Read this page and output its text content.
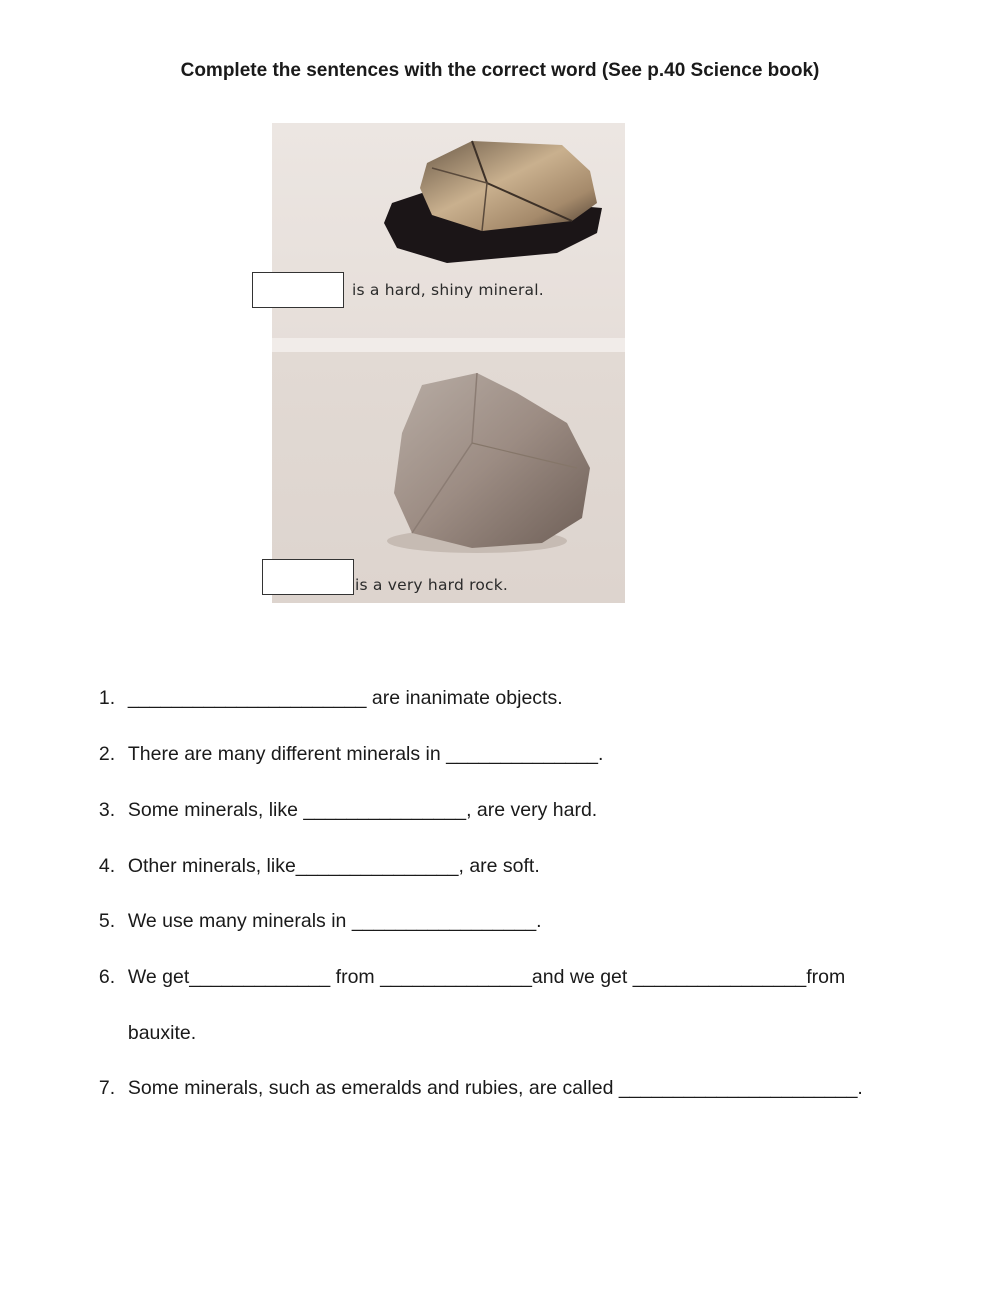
Complete the sentences with the correct word (See p.40 Science book)
is a hard, shiny mineral.
is a very hard rock.

1. ______________________ are inanimate objects.

2. There are many different minerals in ______________.

3. Some minerals, like _______________, are very hard.

4. Other minerals, like_______________, are soft.

5. We use many minerals in _________________.

6. We get_____________ from ______________and we get ________________from

bauxite.

7. Some minerals, such as emeralds and rubies, are called ______________________.
